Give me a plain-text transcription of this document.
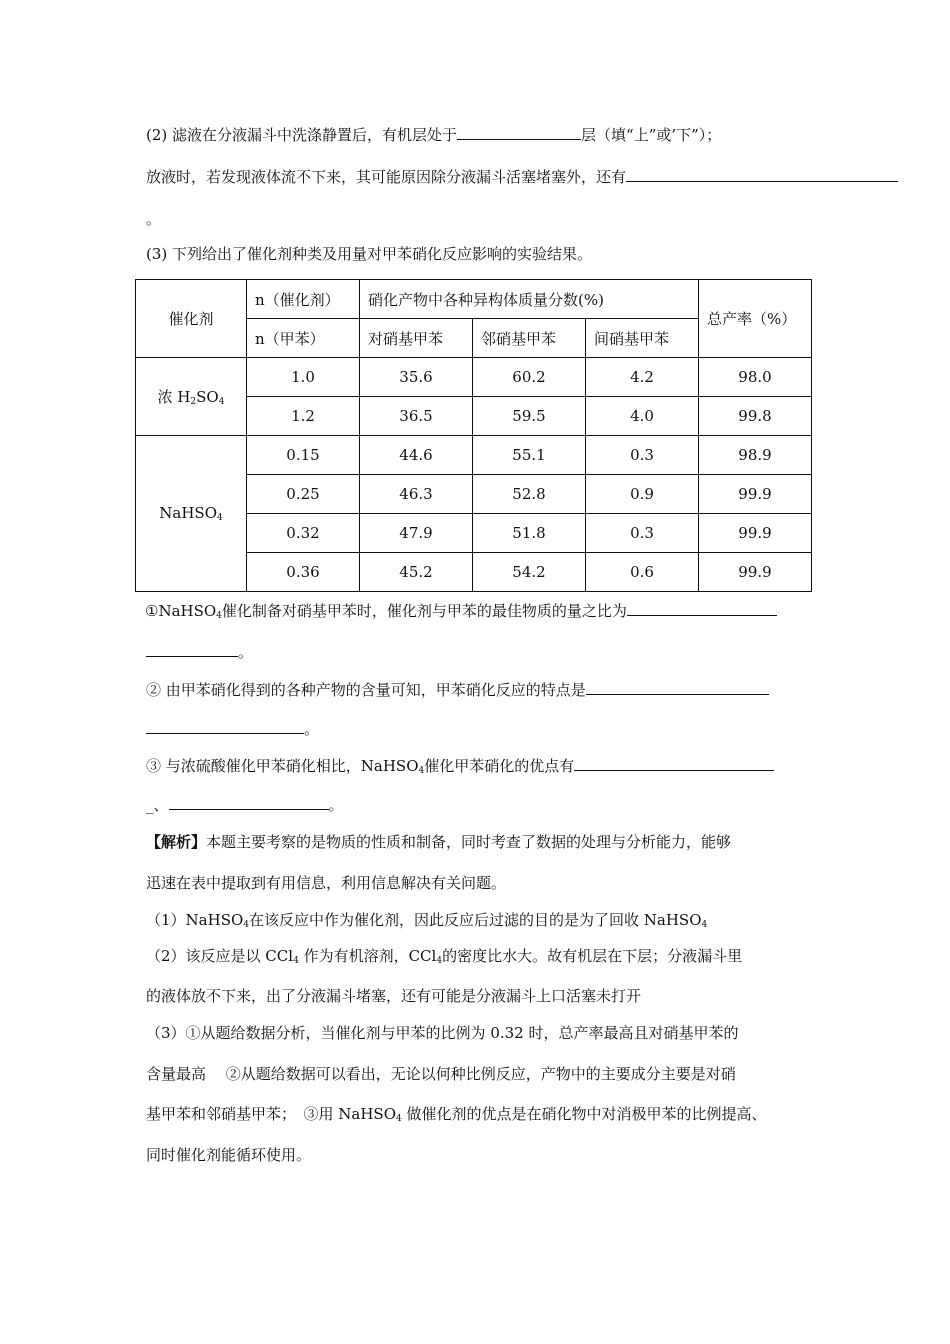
(2) 滤液在分液漏斗中洗涤静置后，有机层处于	层（填“上”或’下”）；
放液时，若发现液体流不下来，其可能原因除分液漏斗活塞堵塞外，还有
。
(3) 下列给出了催化剂种类及用量对甲苯硝化反应影响的实验结果。
催化剂	n（催化剂）	硝化产物中各种异构体质量分数(%)			总产率（%）
	n（甲苯）	对硝基甲苯	邻硝基甲苯	间硝基甲苯	
浓 $H_2SO_4$	1.0	35.6	60.2	4.2	98.0
	1.2	36.5	59.5	4.0	99.8
NaHSO$_4$	0.15	44.6	55.1	0.3	98.9
	0.25	46.3	52.8	0.9	99.9
	0.32	47.9	51.8	0.3	99.9
	0.36	45.2	54.2	0.6	99.9
①NaHSO$_4$催化制备对硝基甲苯时，催化剂与甲苯的最佳物质的量之比为
。
② 由甲苯硝化得到的各种产物的含量可知，甲苯硝化反应的特点是
。
③ 与浓硫酸催化甲苯硝化相比，NaHSO$_4$催化甲苯硝化的优点有
_、	。
【解析】本题主要考察的是物质的性质和制备，同时考查了数据的处理与分析能力，能够
迅速在表中提取到有用信息，利用信息解决有关问题。
（1）NaHSO$_4$在该反应中作为催化剂，因此反应后过滤的目的是为了回收 NaHSO$_4$
（2）该反应是以 CCl$_4$ 作为有机溶剂，CCl$_4$的密度比水大。故有机层在下层；分液漏斗里
的液体放不下来，出了分液漏斗堵塞，还有可能是分液漏斗上口活塞未打开
（3）①从题给数据分析，当催化剂与甲苯的比例为 0.32 时，总产率最高且对硝基甲苯的
含量最高　 ②从题给数据可以看出，无论以何种比例反应，产物中的主要成分主要是对硝
基甲苯和邻硝基甲苯；　③用 NaHSO$_4$ 做催化剂的优点是在硝化物中对消极甲苯的比例提高、
同时催化剂能循环使用。
